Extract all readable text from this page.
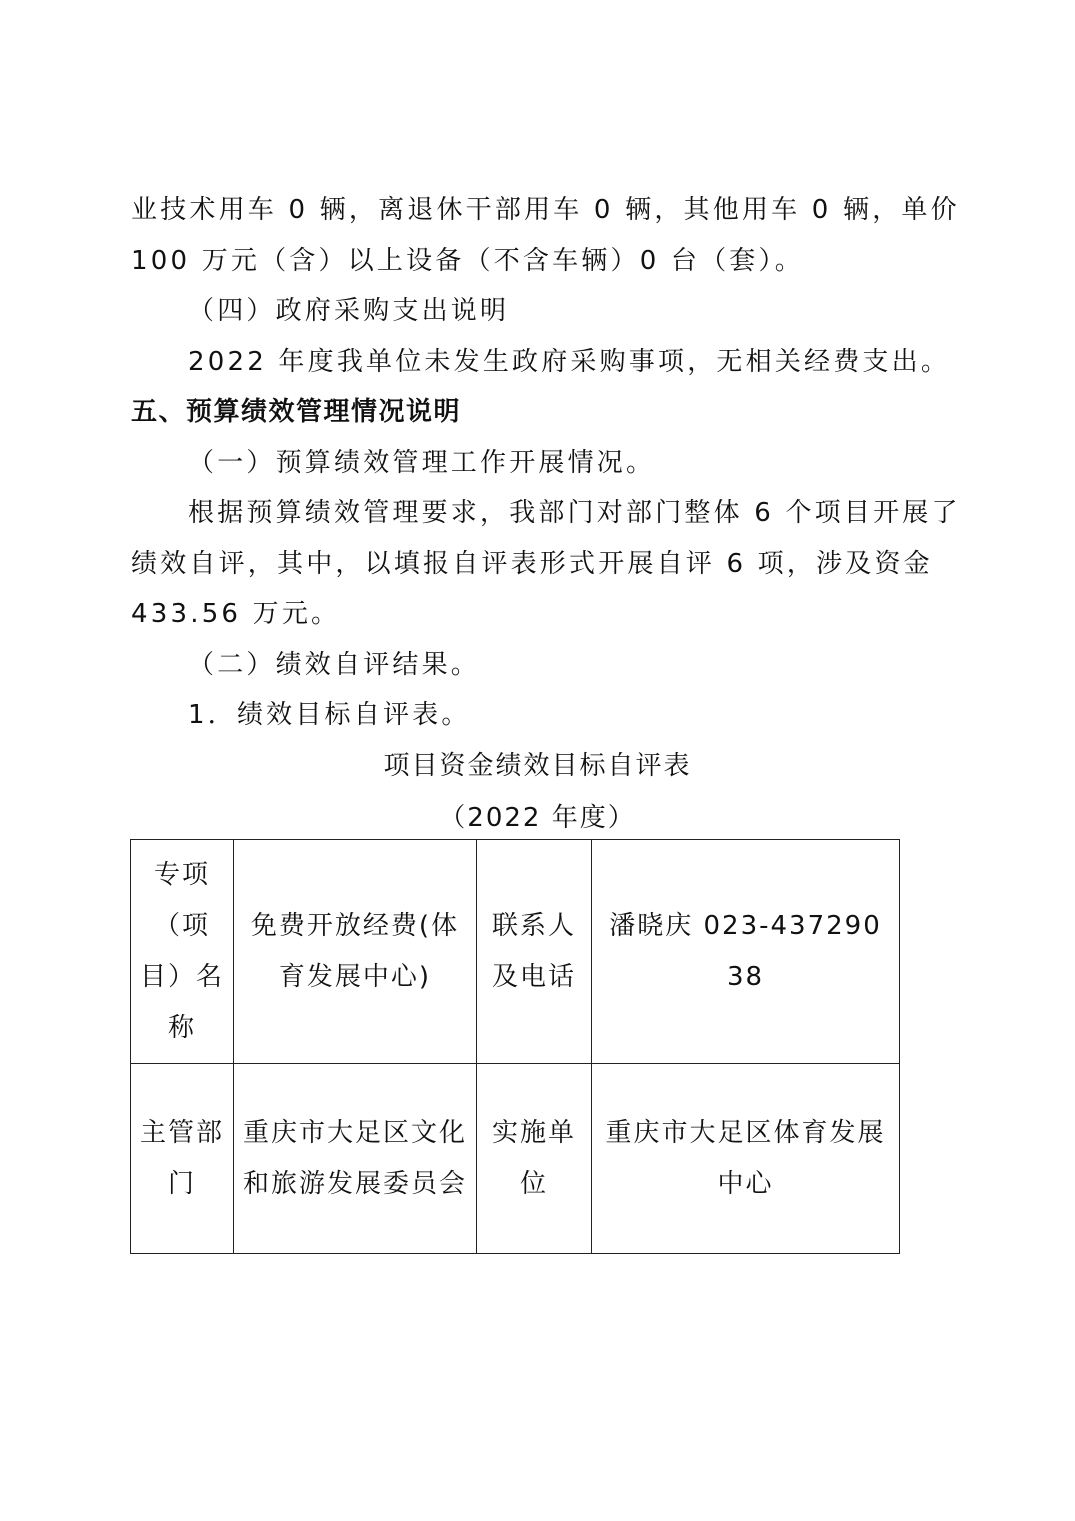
业技术用车 0 辆，离退休干部用车 0 辆，其他用车 0 辆，单价
100 万元（含）以上设备（不含车辆）0 台（套）。
（四）政府采购支出说明
2022 年度我单位未发生政府采购事项，无相关经费支出。
五、预算绩效管理情况说明
（一）预算绩效管理工作开展情况。
根据预算绩效管理要求，我部门对部门整体 6 个项目开展了
绩效自评，其中，以填报自评表形式开展自评 6 项，涉及资金
433.56 万元。
（二）绩效自评结果。
1．绩效目标自评表。
项目资金绩效目标自评表
（2022 年度）
专项（项目）名称	免费开放经费(体育发展中心)	联系人及电话	潘晓庆 023-43729038
主管部门	重庆市大足区文化和旅游发展委员会	实施单位	重庆市大足区体育发展中心
